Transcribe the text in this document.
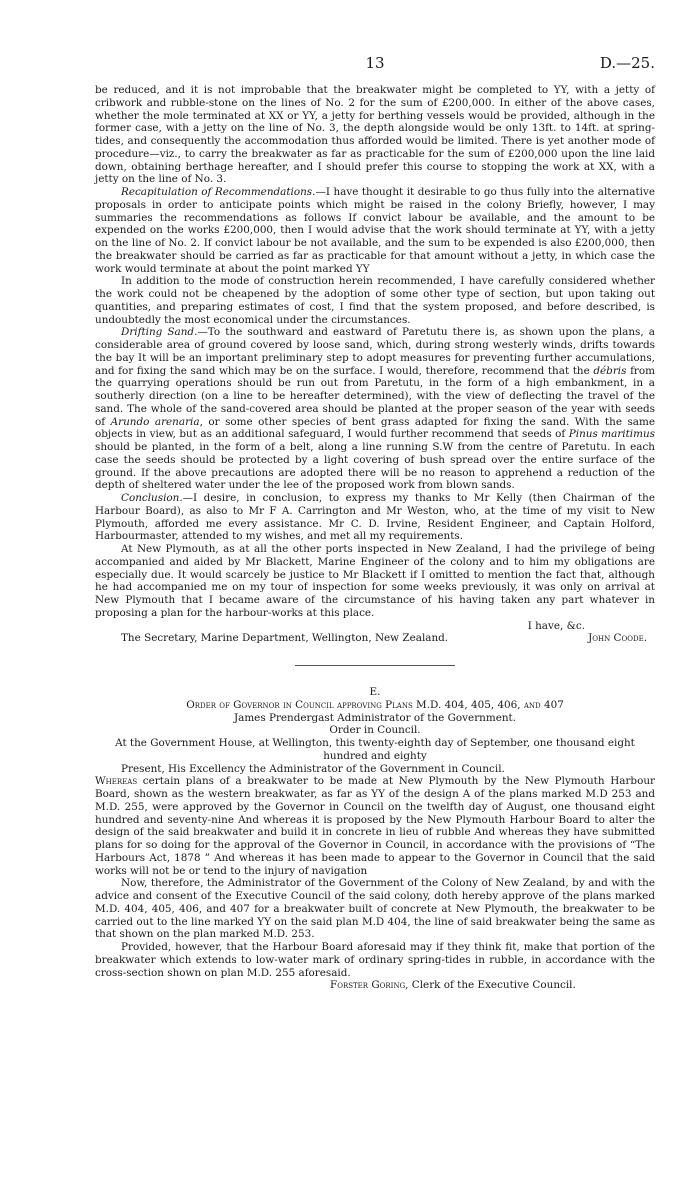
13	D.—25.

be reduced, and it is not improbable that the breakwater might be completed to YY, with a jetty of cribwork and rubble-stone on the lines of No. 2 for the sum of £200,000. In either of the above cases, whether the mole terminated at XX or YY, a jetty for berthing vessels would be provided, although in the former case, with a jetty on the line of No. 3, the depth alongside would be only 13ft. to 14ft. at spring-tides, and consequently the accommodation thus afforded would be limited. There is yet another mode of procedure—viz., to carry the breakwater as far as practicable for the sum of £200,000 upon the line laid down, obtaining berthage hereafter, and I should prefer this course to stopping the work at XX, with a jetty on the line of No. 3.

Recapitulation of Recommendations.—I have thought it desirable to go thus fully into the alternative proposals in order to anticipate points which might be raised in the colony Briefly, however, I may summaries the recommendations as follows If convict labour be available, and the amount to be expended on the works £200,000, then I would advise that the work should terminate at YY, with a jetty on the line of No. 2. If convict labour be not available, and the sum to be expended is also £200,000, then the breakwater should be carried as far as practicable for that amount without a jetty, in which case the work would terminate at about the point marked YY

In addition to the mode of construction herein recommended, I have carefully considered whether the work could not be cheapened by the adoption of some other type of section, but upon taking out quantities, and preparing estimates of cost, I find that the system proposed, and before described, is undoubtedly the most economical under the circumstances.

Drifting Sand.—To the southward and eastward of Paretutu there is, as shown upon the plans, a considerable area of ground covered by loose sand, which, during strong westerly winds, drifts towards the bay It will be an important preliminary step to adopt measures for preventing further accumulations, and for fixing the sand which may be on the surface. I would, therefore, recommend that the débris from the quarrying operations should be run out from Paretutu, in the form of a high embankment, in a southerly direction (on a line to be hereafter determined), with the view of deflecting the travel of the sand. The whole of the sand-covered area should be planted at the proper season of the year with seeds of Arundo arenaria, or some other species of bent grass adapted for fixing the sand. With the same objects in view, but as an additional safeguard, I would further recommend that seeds of Pinus maritimus should be planted, in the form of a belt, along a line running S.W from the centre of Paretutu. In each case the seeds should be protected by a light covering of bush spread over the entire surface of the ground. If the above precautions are adopted there will be no reason to apprehend a reduction of the depth of sheltered water under the lee of the proposed work from blown sands.

Conclusion.—I desire, in conclusion, to express my thanks to Mr Kelly (then Chairman of the Harbour Board), as also to Mr F A. Carrington and Mr Weston, who, at the time of my visit to New Plymouth, afforded me every assistance. Mr C. D. Irvine, Resident Engineer, and Captain Holford, Harbourmaster, attended to my wishes, and met all my requirements.

At New Plymouth, as at all the other ports inspected in New Zealand, I had the privilege of being accompanied and aided by Mr Blackett, Marine Engineer of the colony and to him my obligations are especially due. It would scarcely be justice to Mr Blackett if I omitted to mention the fact that, although he had accompanied me on my tour of inspection for some weeks previously, it was only on arrival at New Plymouth that I became aware of the circumstance of his having taken any part whatever in proposing a plan for the harbour-works at this place.

I have, &c.

The Secretary, Marine Department, Wellington, New Zealand.	John Coode.

E.

Order of Governor in Council approving Plans M.D. 404, 405, 406, and 407

James Prendergast Administrator of the Government.

Order in Council.

At the Government House, at Wellington, this twenty-eighth day of September, one thousand eight hundred and eighty

Present, His Excellency the Administrator of the Government in Council.

Whereas certain plans of a breakwater to be made at New Plymouth by the New Plymouth Harbour Board, shown as the western breakwater, as far as YY of the design A of the plans marked M.D 253 and M.D. 255, were approved by the Governor in Council on the twelfth day of August, one thousand eight hundred and seventy-nine And whereas it is proposed by the New Plymouth Harbour Board to alter the design of the said breakwater and build it in concrete in lieu of rubble And whereas they have submitted plans for so doing for the approval of the Governor in Council, in accordance with the provisions of “The Harbours Act, 1878 ” And whereas it has been made to appear to the Governor in Council that the said works will not be or tend to the injury of navigation

Now, therefore, the Administrator of the Government of the Colony of New Zealand, by and with the advice and consent of the Executive Council of the said colony, doth hereby approve of the plans marked M.D. 404, 405, 406, and 407 for a breakwater built of concrete at New Plymouth, the breakwater to be carried out to the line marked YY on the said plan M.D 404, the line of said breakwater being the same as that shown on the plan marked M.D. 253.

Provided, however, that the Harbour Board aforesaid may if they think fit, make that portion of the breakwater which extends to low-water mark of ordinary spring-tides in rubble, in accordance with the cross-section shown on plan M.D. 255 aforesaid.

Forster Goring, Clerk of the Executive Council.
